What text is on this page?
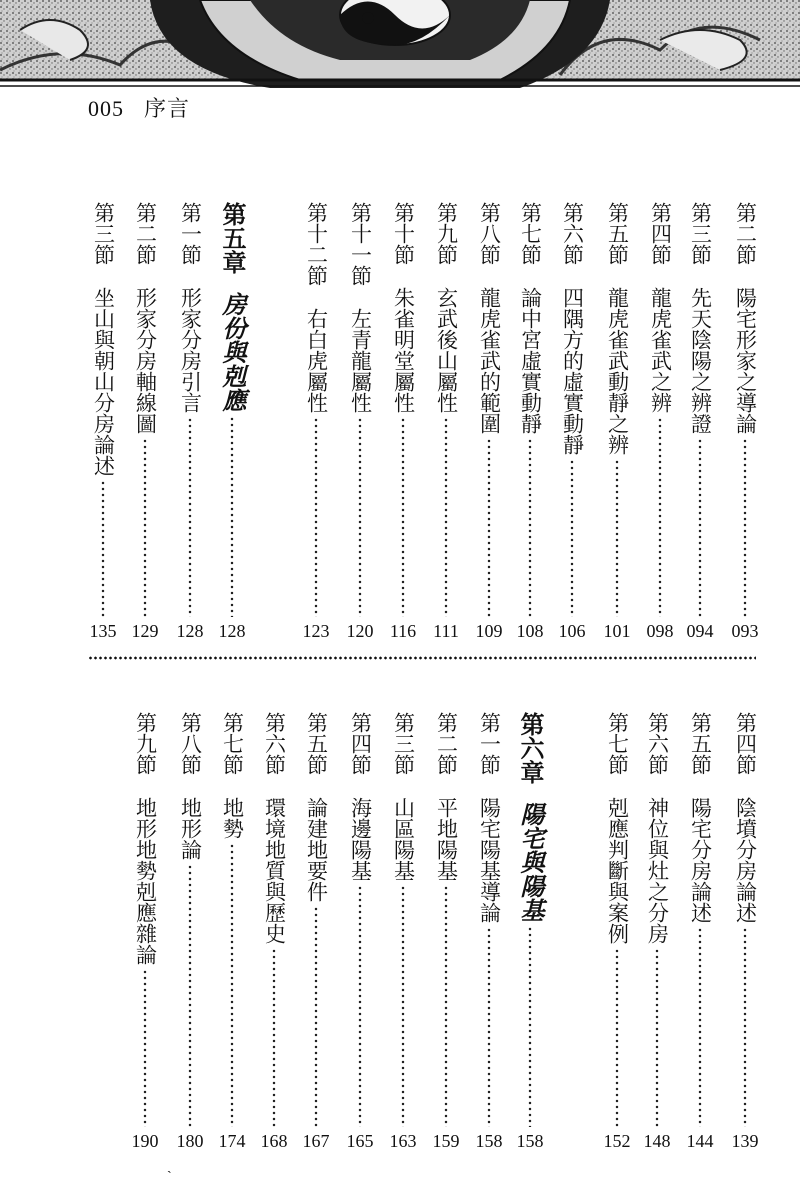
005 序言
第二節
陽宅形家之導論
093
第三節
先天陰陽之辨證
094
第四節
龍虎雀武之辨
098
第五節
龍虎雀武動靜之辨
101
第六節
四隅方的虛實動靜
106
第七節
論中宮虛實動靜
108
第八節
龍虎雀武的範圍
109
第九節
玄武後山屬性
111
第十節
朱雀明堂屬性
116
第十一節
左青龍屬性
120
第十二節
右白虎屬性
123
第五章
房份與剋應
128
第一節
形家分房引言
128
第二節
形家分房軸線圖
129
第三節
坐山與朝山分房論述
135
第四節
陰墳分房論述
139
第五節
陽宅分房論述
144
第六節
神位與灶之分房
148
第七節
剋應判斷與案例
152
第六章
陽宅與陽基
158
第一節
陽宅陽基導論
158
第二節
平地陽基
159
第三節
山區陽基
163
第四節
海邊陽基
165
第五節
論建地要件
167
第六節
環境地質與歷史
168
第七節
地勢
174
第八節
地形論
180
第九節
地形地勢剋應雜論
190
ˏ
